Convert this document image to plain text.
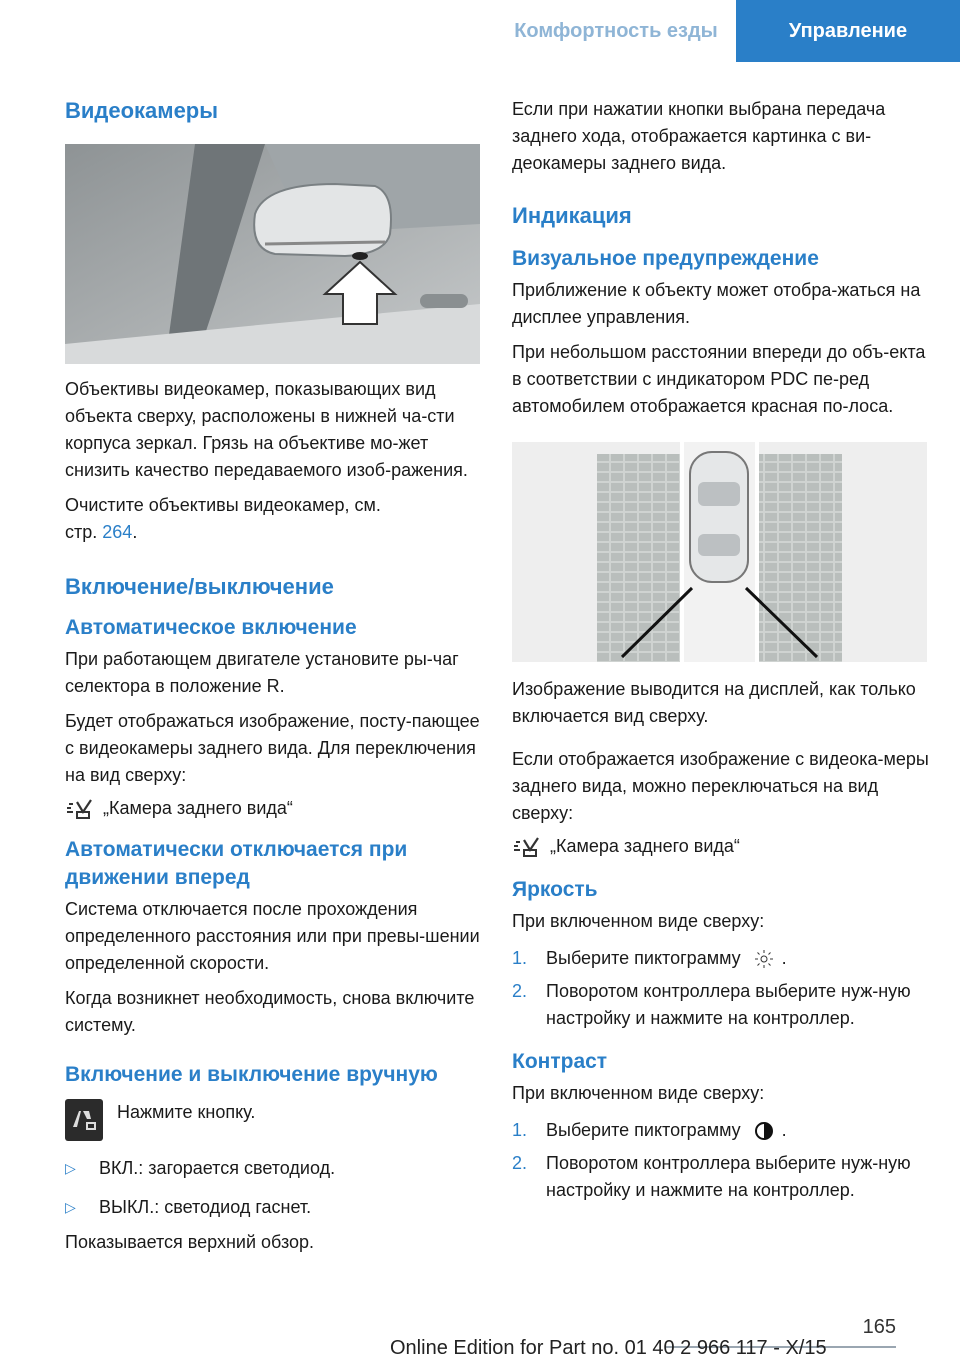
Комфортность езды	Управление
Видеокамеры

Объективы видеокамер, показывающих вид объекта сверху, расположены в нижней ча-сти корпуса зеркал. Грязь на объективе мо-жет снизить качество передаваемого изоб-ражения.

Очистите объективы видеокамер, см.
стр. 264.

Включение/выключение
Автоматическое включение

При работающем двигателе установите ры-чаг селектора в положение R.

Будет отображаться изображение, посту-пающее с видеокамеры заднего вида. Для переключения на вид сверху:

„Камера заднего вида“
Автоматически отключается при движении вперед

Система отключается после прохождения определенного расстояния или при превы-шении определенной скорости.

Когда возникнет необходимость, снова включите систему.

Включение и выключение вручную
Нажмите кнопку.
▷	ВКЛ.: загорается светодиод.
▷	ВЫКЛ.: светодиод гаснет.

Показывается верхний обзор.

Если при нажатии кнопки выбрана передача заднего хода, отображается картинка с ви-деокамеры заднего вида.

Индикация
Визуальное предупреждение

Приближение к объекту может отобра-жаться на дисплее управления.

При небольшом расстоянии впереди до объ-екта в соответствии с индикатором PDC пе-ред автомобилем отображается красная по-лоса.

Изображение выводится на дисплей, как только включается вид сверху.

Если отображается изображение с видеока-меры заднего вида, можно переключаться на вид сверху:

„Камера заднего вида“
Яркость

При включенном виде сверху:

1.	Выберите пиктограмму .
2.	Поворотом контроллера выберите нуж-ную настройку и нажмите на контроллер.
Контраст

При включенном виде сверху:

1.	Выберите пиктограмму .
2.	Поворотом контроллера выберите нуж-ную настройку и нажмите на контроллер.
165
Online Edition for Part no. 01 40 2 966 117 - X/15
